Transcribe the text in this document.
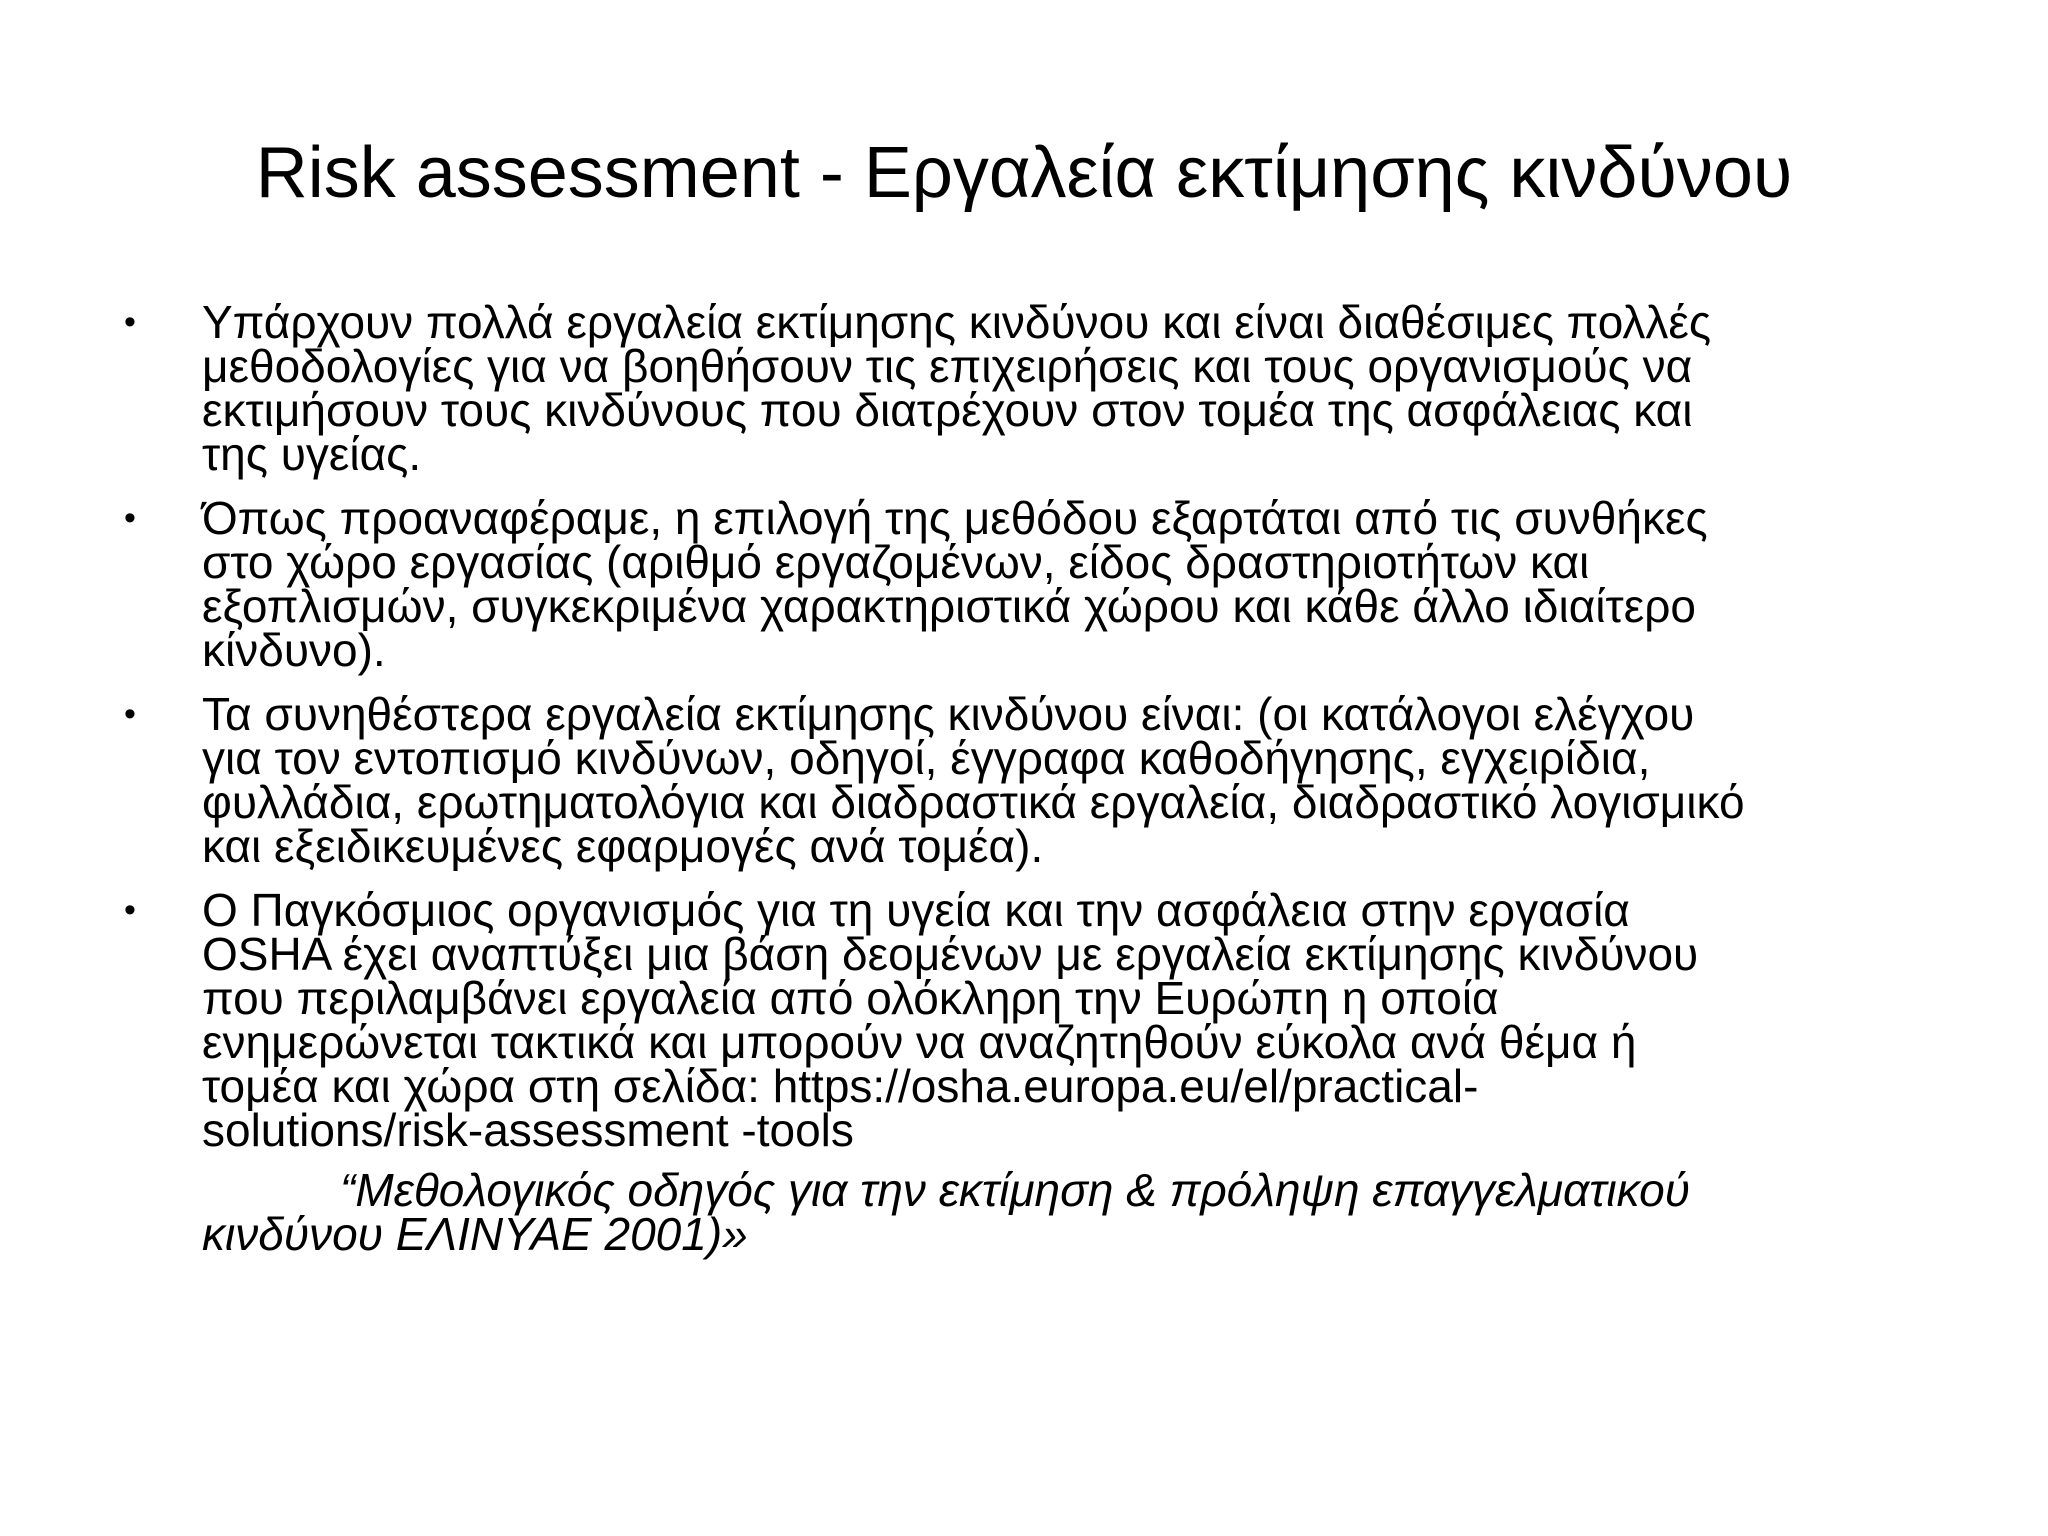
Risk assessment - Εργαλεία εκτίμησης κινδύνου
• Υπάρχουν πολλά εργαλεία εκτίμησης κινδύνου και είναι διαθέσιμες πολλές
μεθοδολογίες για να βοηθήσουν τις επιχειρήσεις και τους οργανισμούς να
εκτιμήσουν τους κινδύνους που διατρέχουν στον τομέα της ασφάλειας και
της υγείας.
• Όπως προαναφέραμε, η επιλογή της μεθόδου εξαρτάται από τις συνθήκες
στο χώρο εργασίας (αριθμό εργαζομένων, είδος δραστηριοτήτων και
εξοπλισμών, συγκεκριμένα χαρακτηριστικά χώρου και κάθε άλλο ιδιαίτερο
κίνδυνο).
• Τα συνηθέστερα εργαλεία εκτίμησης κινδύνου είναι: (οι κατάλογοι ελέγχου
για τον εντοπισμό κινδύνων, οδηγοί, έγγραφα καθοδήγησης, εγχειρίδια,
φυλλάδια, ερωτηματολόγια και διαδραστικά εργαλεία, διαδραστικό λογισμικό
και εξειδικευμένες εφαρμογές ανά τομέα).
• Ο Παγκόσμιος οργανισμός για τη υγεία και την ασφάλεια στην εργασία
OSHA έχει αναπτύξει μια βάση δεομένων με εργαλεία εκτίμησης κινδύνου
που περιλαμβάνει εργαλεία από ολόκληρη την Ευρώπη η οποία
ενημερώνεται τακτικά και μπορούν να αναζητηθούν εύκολα ανά θέμα ή
τομέα και χώρα στη σελίδα: https://osha.europa.eu/el/practical-
solutions/risk-assessment -tools
“Μεθολογικός οδηγός για την εκτίμηση & πρόληψη επαγγελματικού
κινδύνου ΕΛΙΝΥΑΕ 2001)»
